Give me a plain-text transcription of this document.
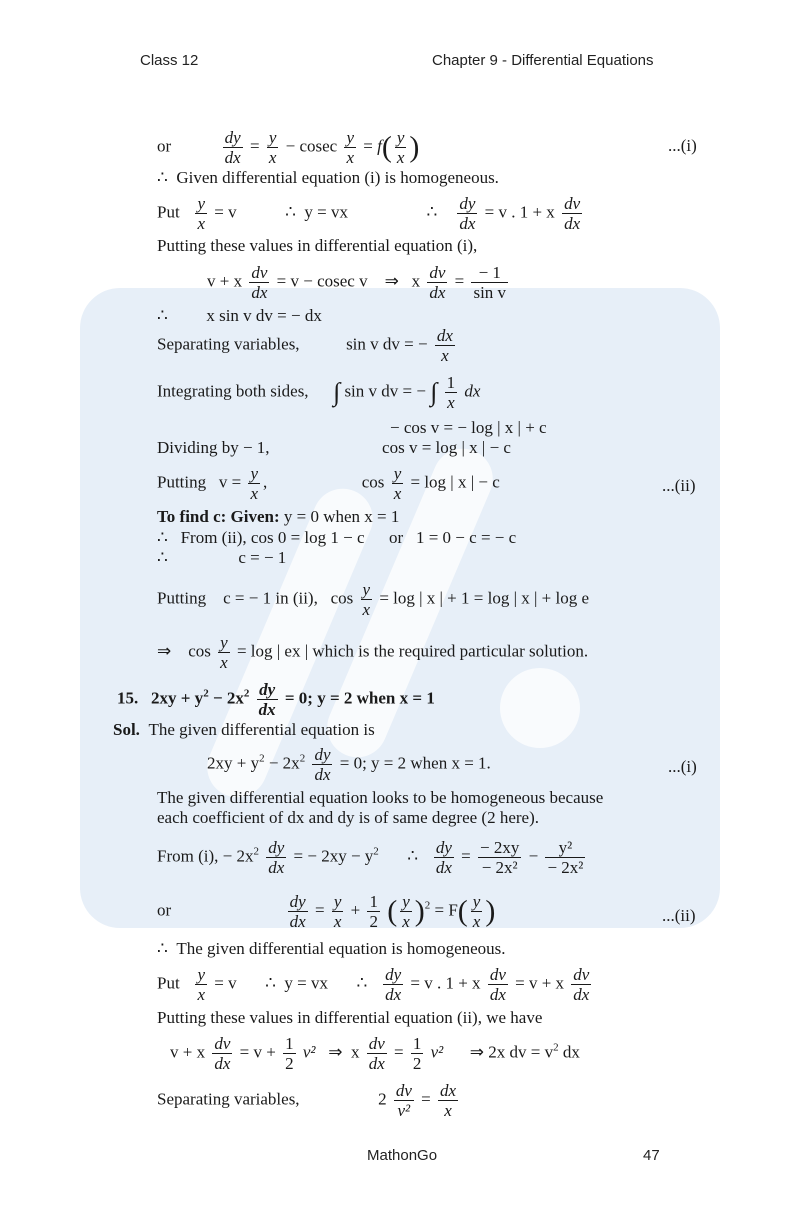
Class 12	Chapter 9 - Differential Equations
or	$\frac{dy}{dx} = \frac{y}{x} - cosec \frac{y}{x} = f( \frac{y}{x}$ )	...(i)
∴ Given differential equation (i) is homogeneous.
Put $\frac{y}{x} = v$	∴ y = vx	∴ $\frac{dy}{dx} = v$ . 1 + x $\frac{dv}{dx}$
Putting these values in differential equation (i),
v + x $\frac{dv}{dx} = v - cosec$ v ⇒ x $\frac{dv}{dx} = \frac{- 1}{\text{sin v}}$
∴ x sin v dv = − dx
Separating variables,	sin v dv = − $\frac{dx}{x}$
Integrating both sides, ∫ sin v dv = − ∫ $\frac{1}{x}$ dx
− cos v = − log | x | + c
Dividing by − 1,	cos v = log | x | − c
Putting $v = \frac{y}{x}$ ,	$\cos \frac{y}{x} = \log$ | x | − c	...(ii)
To find c: Given: y = 0 when x = 1
∴ From (ii), cos 0 = log 1 − c or 1 = 0 − c = − c
∴	c = − 1
Putting c = − 1 in (ii), $\cos \frac{y}{x} = \log$ | x | + 1 = log | x | + log e
⇒ $\cos \frac{y}{x} = \log$ | ex | which is the required particular solution.
15. $2xy + y^2 - 2x^2 \frac{dy}{dx} = 0$; y = 2 when x = 1
Sol. The given differential equation is
$2xy + y^2 - 2x^2 \frac{dy}{dx} = 0$; y = 2 when x = 1.	...(i)
The given differential equation looks to be homogeneous because
each coefficient of dx and dy is of same degree (2 here).
From (i), − $2x^2 \frac{dy}{dx}$ = − $2xy - y^2$ ∴ $\frac{dy}{dx} = \frac{- 2xy}{\text{− 2x²}} - \frac{\text{y²}}{\text{− 2x²}}$
or	$\frac{dy}{dx} = \frac{y}{x} + \frac{1}{2}$ ( $\frac{y}{x} )^2 = F( \frac{y}{x}$ )	...(ii)
∴ The given differential equation is homogeneous.
Put $\frac{y}{x} = v$ ∴ y = vx ∴ $\frac{dy}{dx} = v$ . 1 + x $\frac{dv}{dx} = v + x \frac{dv}{dx}$
Putting these values in differential equation (ii), we have
v + x $\frac{dv}{dx} = v + \frac{1}{2} v^2$ ⇒ x $\frac{dv}{dx} = \frac{1}{2} v^2$ ⇒ 2x dv = $v^2$ dx
Separating variables,	$2 \frac{dv}{\text{v²}} = \frac{dx}{x}$
MathonGo	47
